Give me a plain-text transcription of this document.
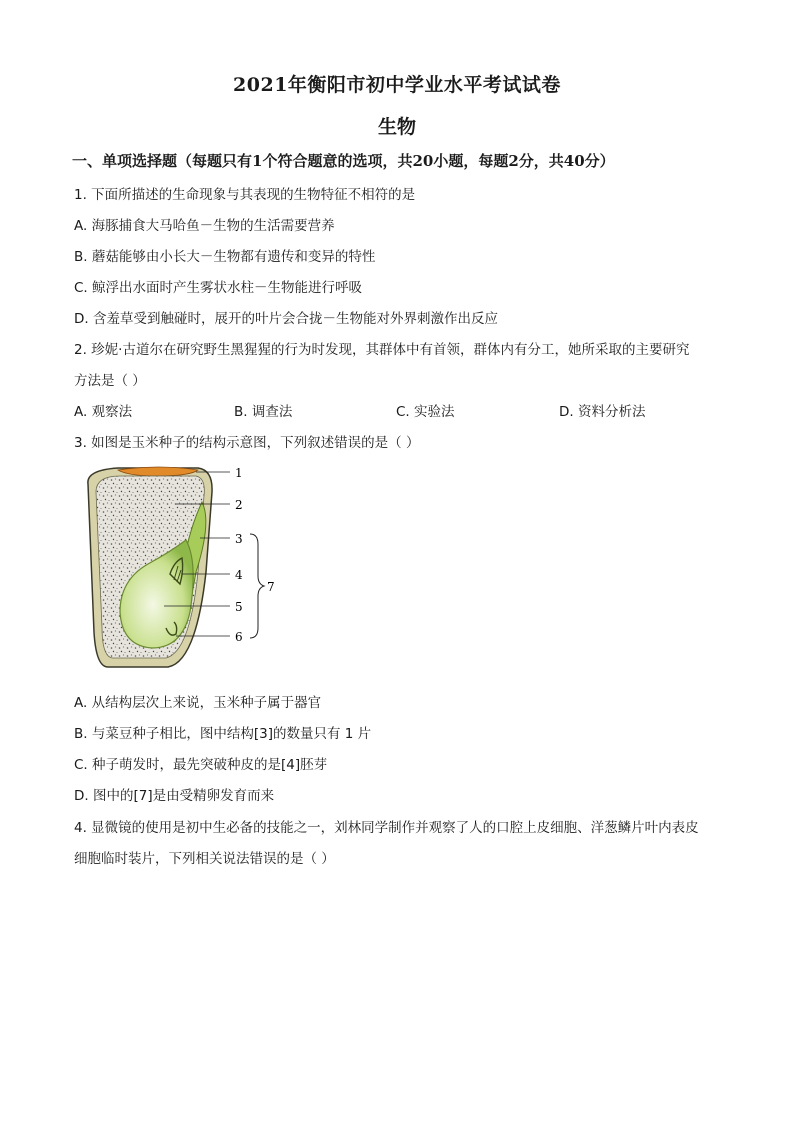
2021年衡阳市初中学业水平考试试卷
生物
一、单项选择题（每题只有1个符合题意的选项，共20小题，每题2分，共40分）
1. 下面所描述的生命现象与其表现的生物特征不相符的是
A. 海豚捕食大马哈鱼－生物的生活需要营养
B. 蘑菇能够由小长大－生物都有遗传和变异的特性
C. 鲸浮出水面时产生雾状水柱－生物能进行呼吸
D. 含羞草受到触碰时，展开的叶片会合拢－生物能对外界刺激作出反应
2. 珍妮·古道尔在研究野生黑猩猩的行为时发现，其群体中有首领，群体内有分工，她所采取的主要研究
方法是（ ）
A. 观察法	B. 调查法	C. 实验法	D. 资料分析法
3. 如图是玉米种子的结构示意图，下列叙述错误的是（ ）
1
2
3
4
5
6
7
A. 从结构层次上来说，玉米种子属于器官
B. 与菜豆种子相比，图中结构[3]的数量只有 1 片
C. 种子萌发时，最先突破种皮的是[4]胚芽
D. 图中的[7]是由受精卵发育而来
4. 显微镜的使用是初中生必备的技能之一，刘林同学制作并观察了人的口腔上皮细胞、洋葱鳞片叶内表皮
细胞临时装片，下列相关说法错误的是（ ）
